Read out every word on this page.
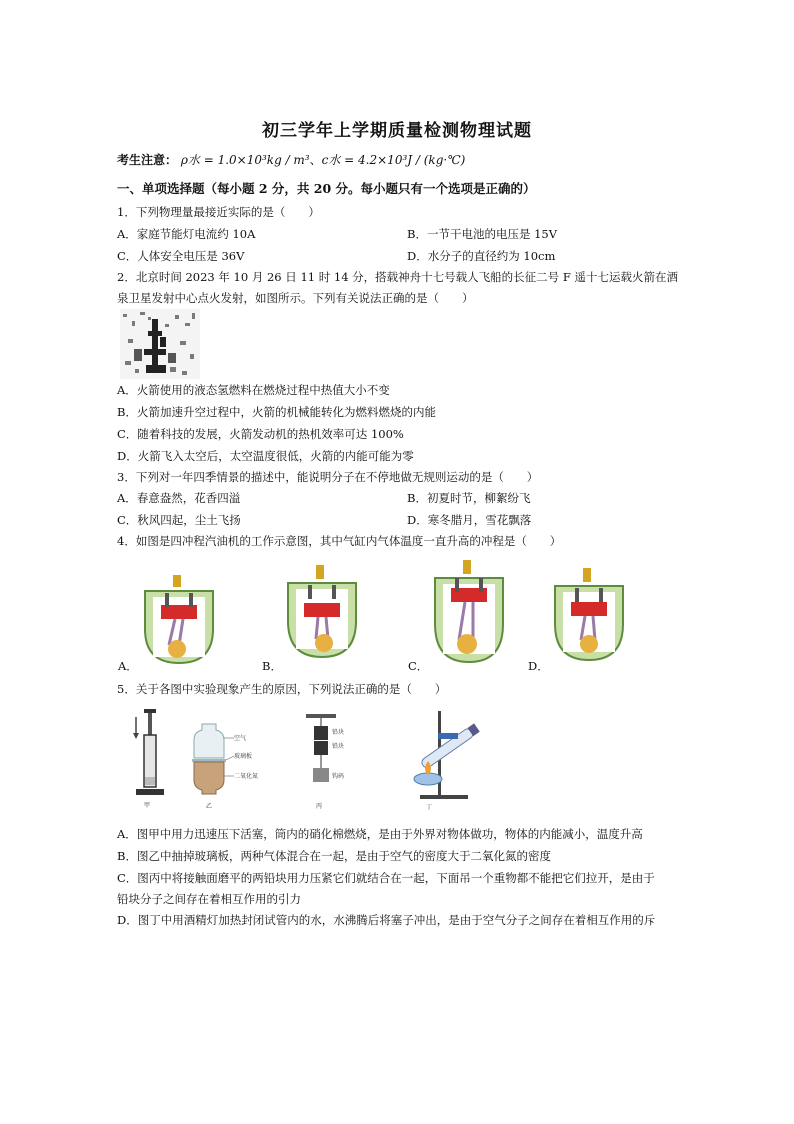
初三学年上学期质量检测物理试题
考生注意： ρ水 = 1.0×10³kg / m³、c水 = 4.2×10³J / (kg·℃)
一、单项选择题（每小题 2 分，共 20 分。每小题只有一个选项是正确的）
1．下列物理量最接近实际的是（　　）
A．家庭节能灯电流约 10A	B．一节干电池的电压是 15V
C．人体安全电压是 36V	D．水分子的直径约为 10cm
2．北京时间 2023 年 10 月 26 日 11 时 14 分，搭载神舟十七号载人飞船的长征二号 F 遥十七运载火箭在酒
泉卫星发射中心点火发射，如图所示。下列有关说法正确的是（　　）
A．火箭使用的液态氢燃料在燃烧过程中热值大小不变
B．火箭加速升空过程中，火箭的机械能转化为燃料燃烧的内能
C．随着科技的发展，火箭发动机的热机效率可达 100%
D．火箭飞入太空后，太空温度很低，火箭的内能可能为零
3．下列对一年四季情景的描述中，能说明分子在不停地做无规则运动的是（　　）
A．春意盎然，花香四溢	B．初夏时节，柳絮纷飞
C．秋风四起，尘土飞扬	D．寒冬腊月，雪花飘落
4．如图是四冲程汽油机的工作示意图，其中气缸内气体温度一直升高的冲程是（　　）
A．	B．	C．	D．
5．关于各图中实验现象产生的原因，下列说法正确的是（　　）
甲
空气
玻璃板
二氧化氮
乙
铅块
铅块
钩码
丙	丁
A．图甲中用力迅速压下活塞，筒内的硝化棉燃烧，是由于外界对物体做功，物体的内能减小，温度升高
B．图乙中抽掉玻璃板，两种气体混合在一起，是由于空气的密度大于二氧化氮的密度
C．图丙中将接触面磨平的两铅块用力压紧它们就结合在一起，下面吊一个重物都不能把它们拉开，是由于
铅块分子之间存在着相互作用的引力
D．图丁中用酒精灯加热封闭试管内的水，水沸腾后将塞子冲出，是由于空气分子之间存在着相互作用的斥
